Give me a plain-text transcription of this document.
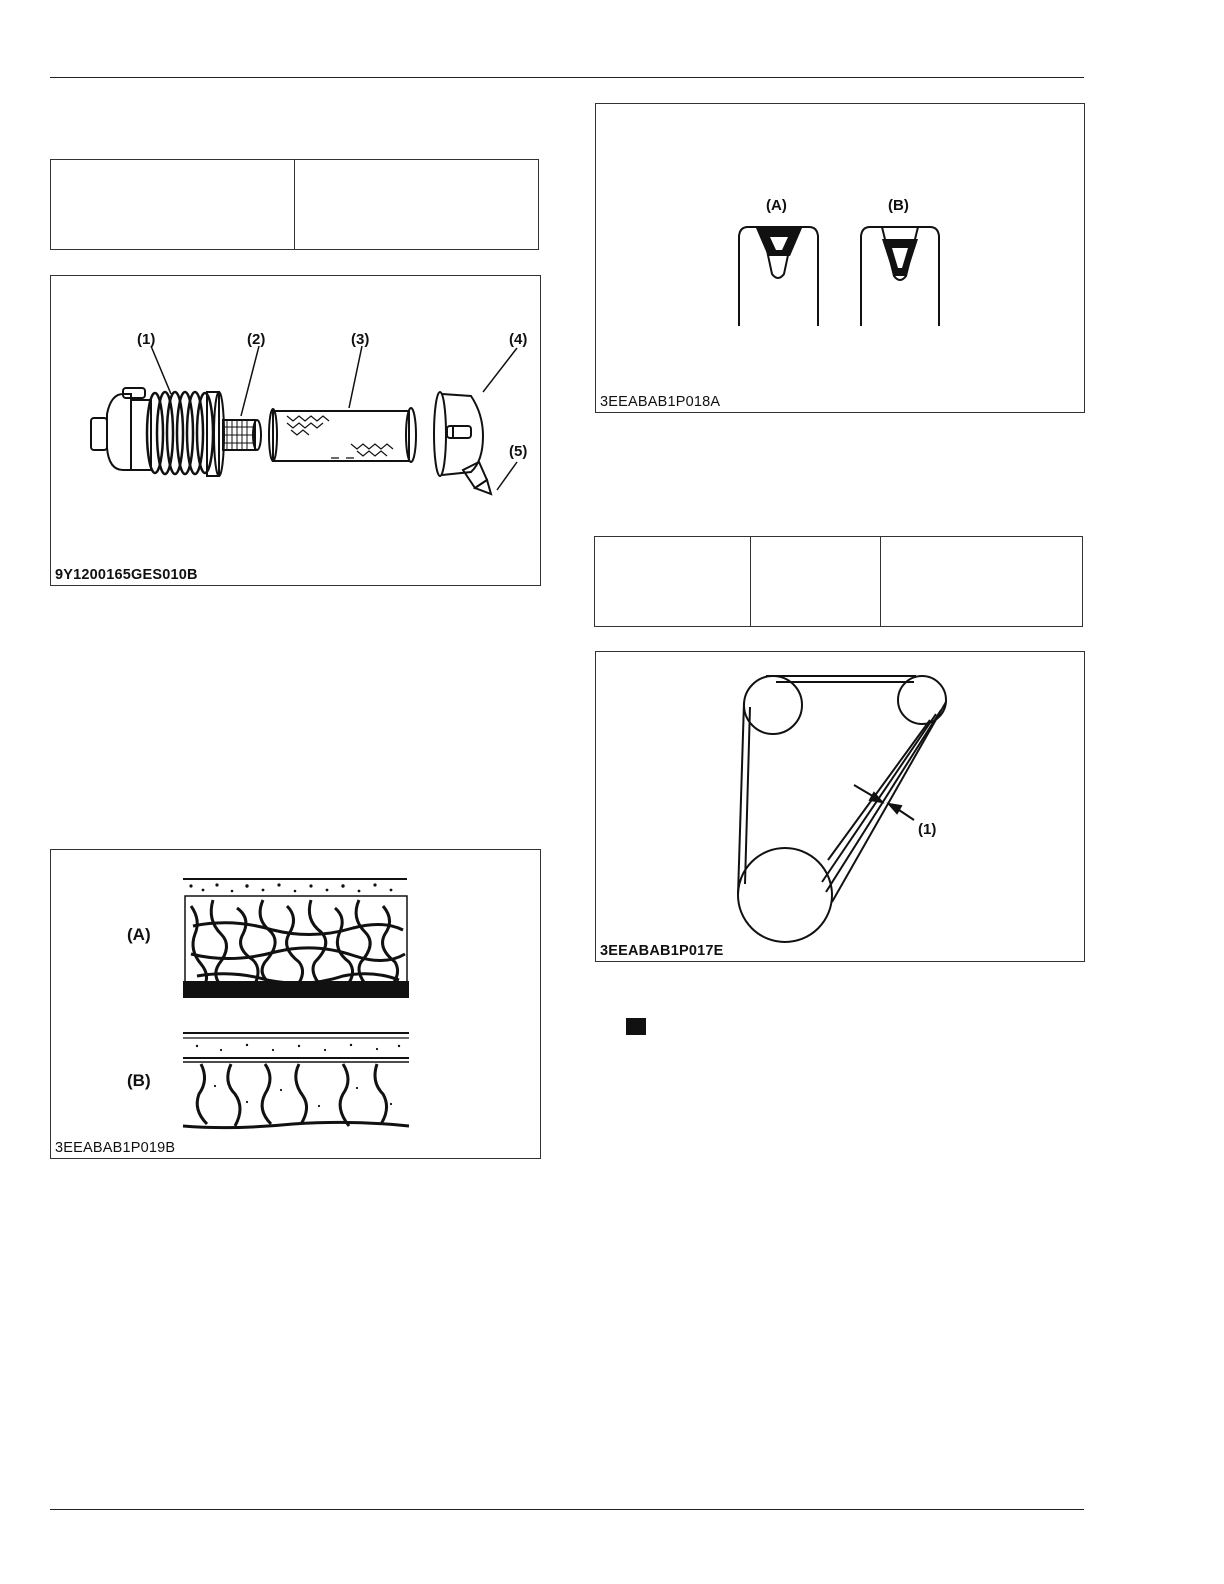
(1)	(2)	(3)	(4)
(5)
9Y1200165GES010B
(A)
(B)
3EEABAB1P019B
(A)	(B)
3EEABAB1P018A
(1)
3EEABAB1P017E
